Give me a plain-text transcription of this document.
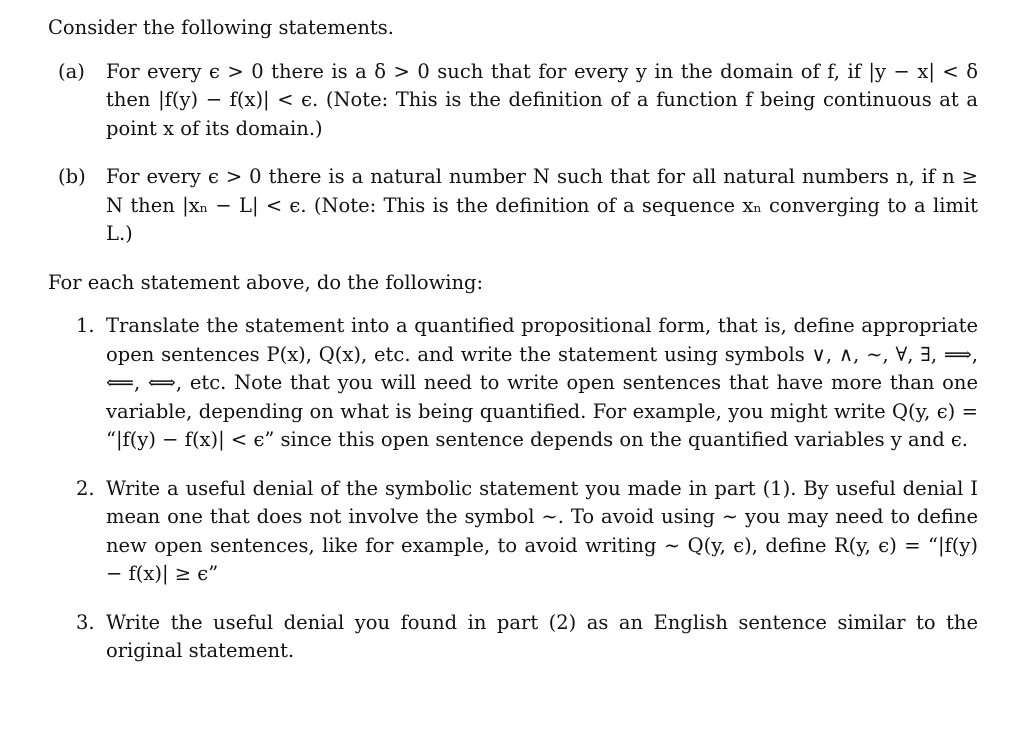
Consider the following statements.

(a) For every ϵ > 0 there is a δ > 0 such that for every y in the domain of f, if |y − x| < δ then |f(y) − f(x)| < ϵ. (Note: This is the definition of a function f being continuous at a point x of its domain.)
(b) For every ϵ > 0 there is a natural number N such that for all natural numbers n, if n ≥ N then |xₙ − L| < ϵ. (Note: This is the definition of a sequence xₙ converging to a limit L.)

For each statement above, do the following:

1. Translate the statement into a quantified propositional form, that is, define appropriate open sentences P(x), Q(x), etc. and write the statement using symbols ∨, ∧, ∼, ∀, ∃, ⟹, ⟸, ⟺, etc. Note that you will need to write open sentences that have more than one variable, depending on what is being quantified. For example, you might write Q(y, ϵ) = “|f(y) − f(x)| < ϵ” since this open sentence depends on the quantified variables y and ϵ.
2. Write a useful denial of the symbolic statement you made in part (1). By useful denial I mean one that does not involve the symbol ∼. To avoid using ∼ you may need to define new open sentences, like for example, to avoid writing ∼ Q(y, ϵ), define R(y, ϵ) = “|f(y) − f(x)| ≥ ϵ”
3. Write the useful denial you found in part (2) as an English sentence similar to the original statement.
